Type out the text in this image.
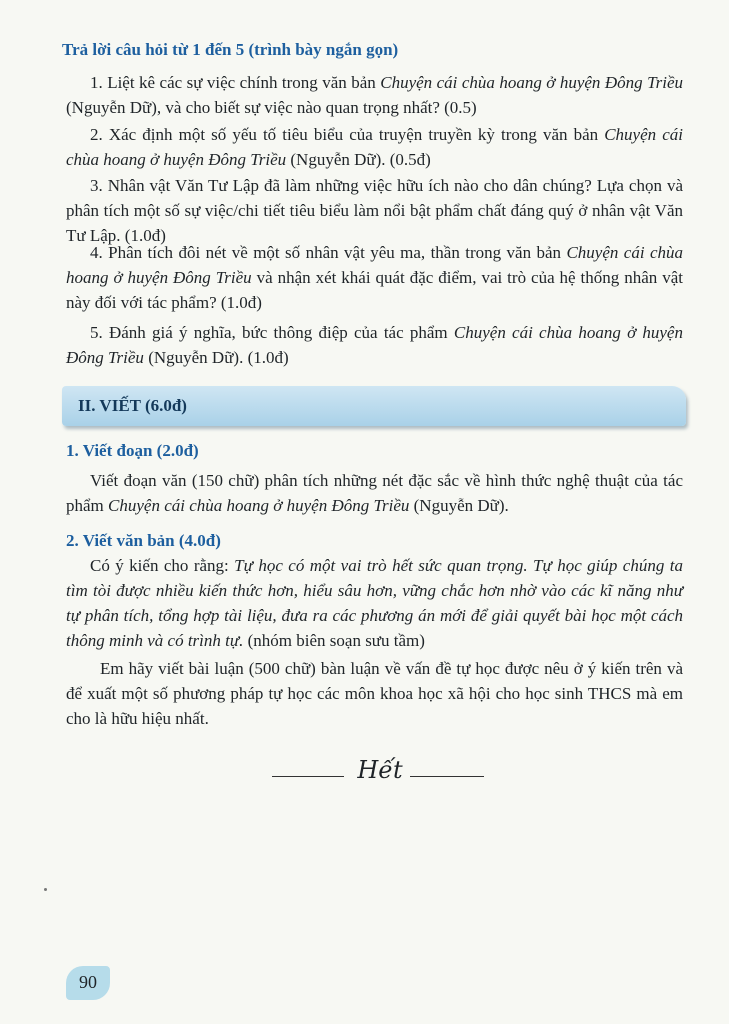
Trả lời câu hỏi từ 1 đến 5 (trình bày ngắn gọn)
1. Liệt kê các sự việc chính trong văn bản Chuyện cái chùa hoang ở huyện Đông Triều (Nguyễn Dữ), và cho biết sự việc nào quan trọng nhất? (0.5)
2. Xác định một số yếu tố tiêu biểu của truyện truyền kỳ trong văn bản Chuyện cái chùa hoang ở huyện Đông Triều (Nguyễn Dữ). (0.5đ)
3. Nhân vật Văn Tư Lập đã làm những việc hữu ích nào cho dân chúng? Lựa chọn và phân tích một số sự việc/chi tiết tiêu biểu làm nổi bật phẩm chất đáng quý ở nhân vật Văn Tư Lập. (1.0đ)
4. Phân tích đôi nét về một số nhân vật yêu ma, thần trong văn bản Chuyện cái chùa hoang ở huyện Đông Triều và nhận xét khái quát đặc điểm, vai trò của hệ thống nhân vật này đối với tác phẩm? (1.0đ)
5. Đánh giá ý nghĩa, bức thông điệp của tác phẩm Chuyện cái chùa hoang ở huyện Đông Triều (Nguyễn Dữ). (1.0đ)
II. VIẾT (6.0đ)
1. Viết đoạn (2.0đ)
Viết đoạn văn (150 chữ) phân tích những nét đặc sắc về hình thức nghệ thuật của tác phẩm Chuyện cái chùa hoang ở huyện Đông Triều (Nguyễn Dữ).
2. Viết văn bản (4.0đ)
Có ý kiến cho rằng: Tự học có một vai trò hết sức quan trọng. Tự học giúp chúng ta tìm tòi được nhiều kiến thức hơn, hiểu sâu hơn, vững chắc hơn nhờ vào các kĩ năng như tự phân tích, tổng hợp tài liệu, đưa ra các phương án mới để giải quyết bài học một cách thông minh và có trình tự. (nhóm biên soạn sưu tầm)
Em hãy viết bài luận (500 chữ) bàn luận về vấn đề tự học được nêu ở ý kiến trên và để xuất một số phương pháp tự học các môn khoa học xã hội cho học sinh THCS mà em cho là hữu hiệu nhất.
Hết
90
